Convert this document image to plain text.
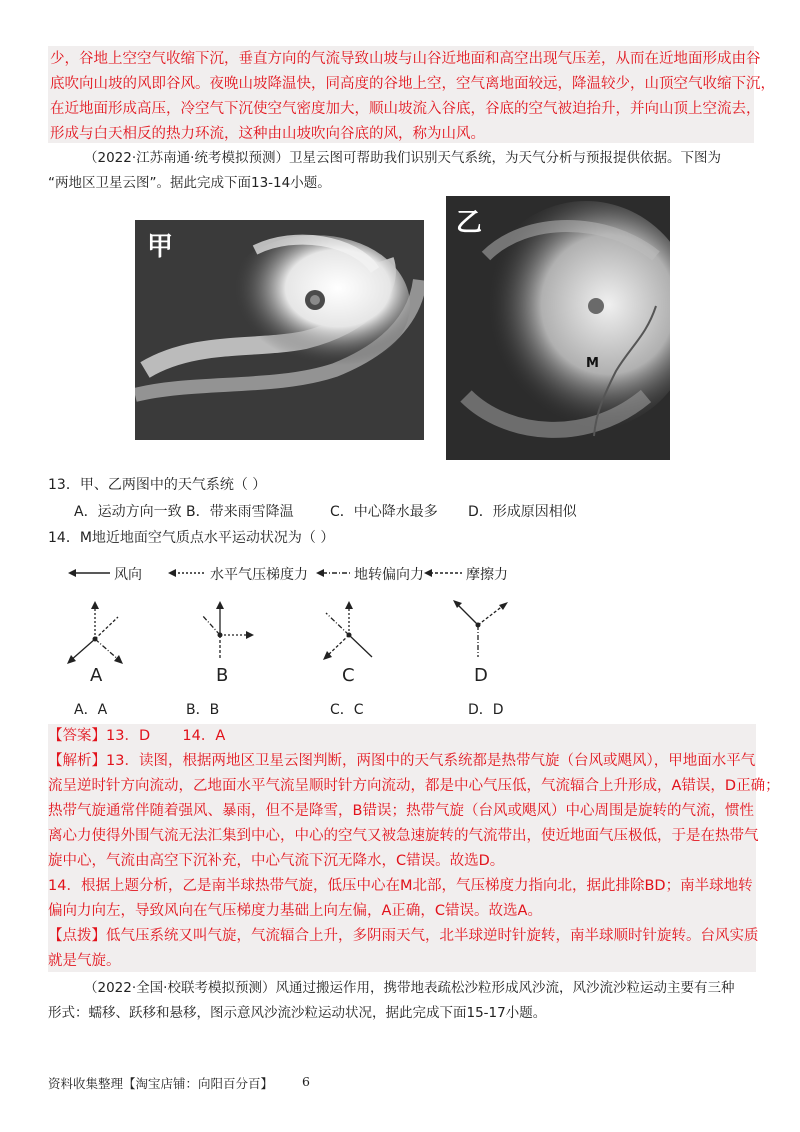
少，谷地上空空气收缩下沉，垂直方向的气流导致山坡与山谷近地面和高空出现气压差，从而在近地面形成由谷
底吹向山坡的风即谷风。夜晚山坡降温快，同高度的谷地上空，空气离地面较远，降温较少，山顶空气收缩下沉，
在近地面形成高压，冷空气下沉使空气密度加大，顺山坡流入谷底，谷底的空气被迫抬升，并向山顶上空流去，
形成与白天相反的热力环流，这种由山坡吹向谷底的风，称为山风。
（2022·江苏南通·统考模拟预测）卫星云图可帮助我们识别天气系统，为天气分析与预报提供依据。下图为
“两地区卫星云图”。据此完成下面13-14小题。
甲
乙
M
13．甲、乙两图中的天气系统（ ）
A．运动方向一致 B．带来雨雪降温	C．中心降水最多 D．形成原因相似
14．M地近地面空气质点水平运动状况为（ ）
风向	水平气压梯度力	地转偏向力	摩擦力
A	B	C	D
A．A	B．B	C．C	D．D
【答案】13．D       14．A
【解析】13．读图，根据两地区卫星云图判断，两图中的天气系统都是热带气旋（台风或飓风），甲地面水平气
流呈逆时针方向流动，乙地面水平气流呈顺时针方向流动，都是中心气压低，气流辐合上升形成，A错误，D正确；
热带气旋通常伴随着强风、暴雨，但不是降雪，B错误；热带气旋（台风或飓风）中心周围是旋转的气流，惯性
离心力使得外围气流无法汇集到中心，中心的空气又被急速旋转的气流带出，使近地面气压极低，于是在热带气
旋中心，气流由高空下沉补充，中心气流下沉无降水，C错误。故选D。
14．根据上题分析，乙是南半球热带气旋，低压中心在M北部，气压梯度力指向北，据此排除BD；南半球地转
偏向力向左，导致风向在气压梯度力基础上向左偏，A正确，C错误。故选A。
【点拨】低气压系统又叫气旋，气流辐合上升，多阴雨天气，北半球逆时针旋转，南半球顺时针旋转。台风实质
就是气旋。
（2022·全国·校联考模拟预测）风通过搬运作用，携带地表疏松沙粒形成风沙流，风沙流沙粒运动主要有三种
形式：蠕移、跃移和悬移，图示意风沙流沙粒运动状况，据此完成下面15-17小题。
资料收集整理【淘宝店铺：向阳百分百】 6
